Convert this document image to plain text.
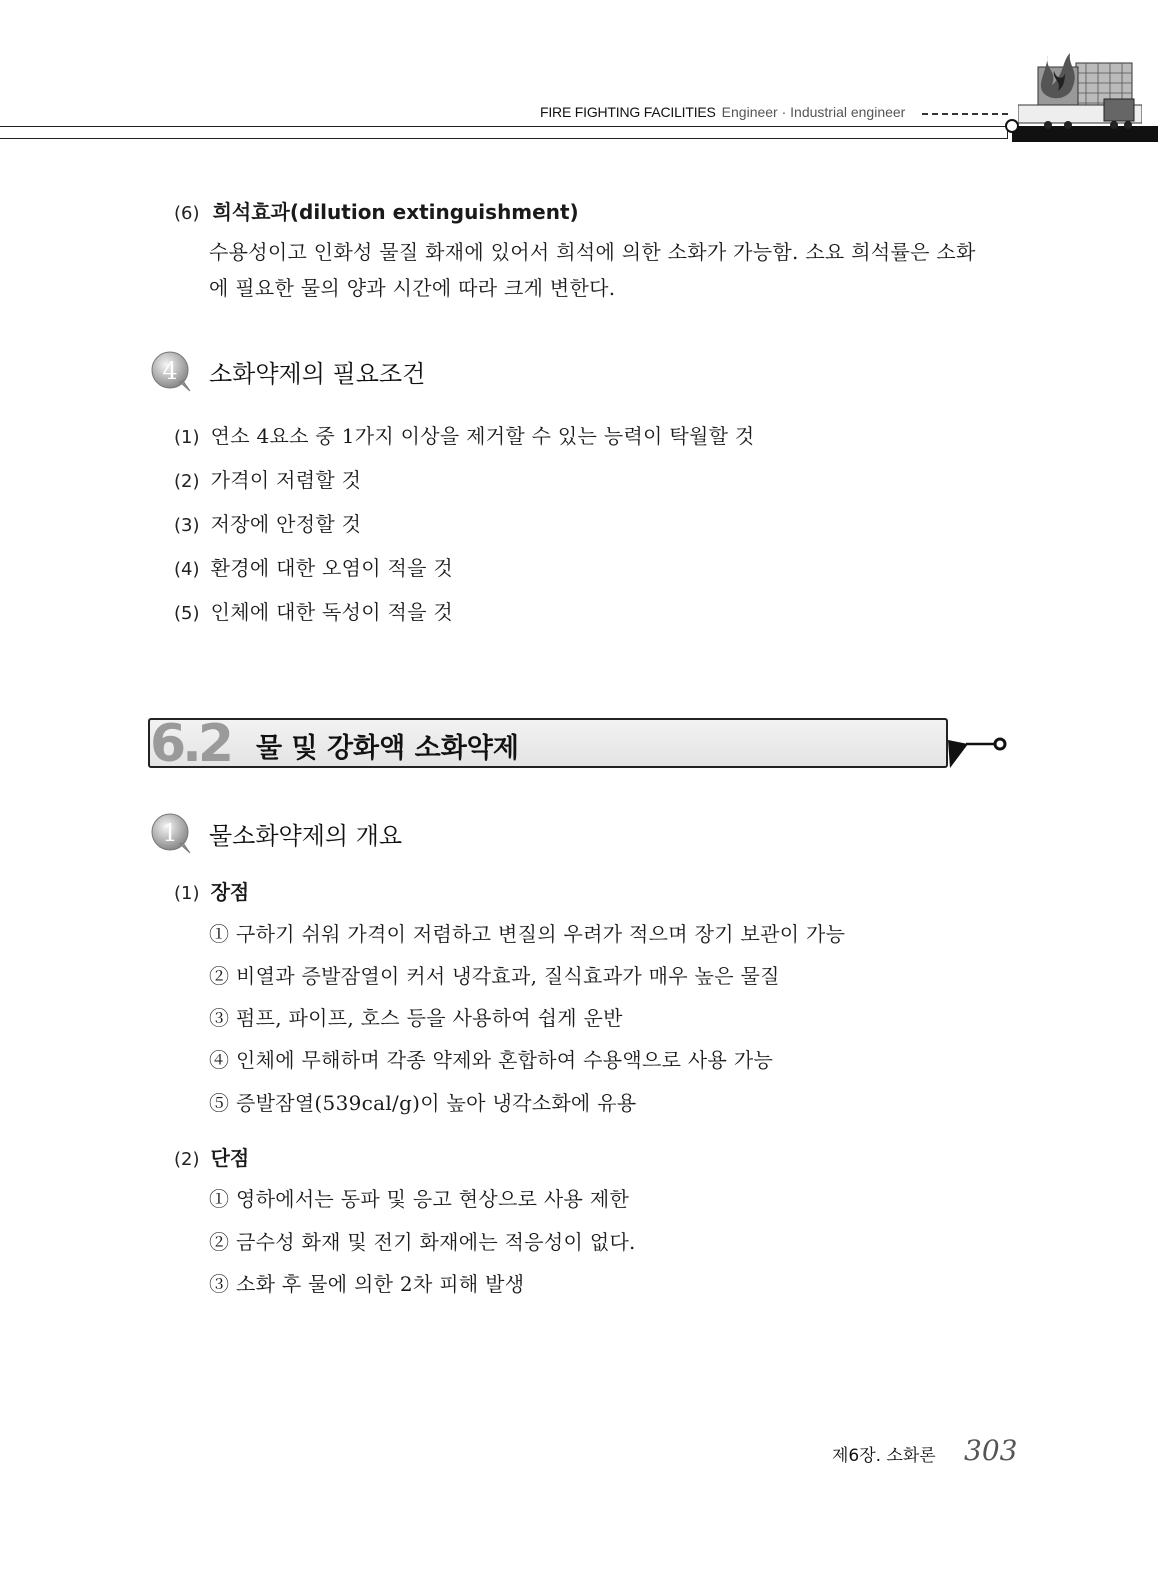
FIRE FIGHTING FACILITIES Engineer · Industrial engineer
(6) 희석효과(dilution extinguishment)
수용성이고 인화성 물질 화재에 있어서 희석에 의한 소화가 가능함. 소요 희석률은 소화
에 필요한 물의 양과 시간에 따라 크게 변한다.
4 소화약제의 필요조건
(1) 연소 4요소 중 1가지 이상을 제거할 수 있는 능력이 탁월할 것
(2) 가격이 저렴할 것
(3) 저장에 안정할 것
(4) 환경에 대한 오염이 적을 것
(5) 인체에 대한 독성이 적을 것
6.2 물 및 강화액 소화약제
1 물소화약제의 개요
(1) 장점
① 구하기 쉬워 가격이 저렴하고 변질의 우려가 적으며 장기 보관이 가능
② 비열과 증발잠열이 커서 냉각효과, 질식효과가 매우 높은 물질
③ 펌프, 파이프, 호스 등을 사용하여 쉽게 운반
④ 인체에 무해하며 각종 약제와 혼합하여 수용액으로 사용 가능
⑤ 증발잠열(539cal/g)이 높아 냉각소화에 유용
(2) 단점
① 영하에서는 동파 및 응고 현상으로 사용 제한
② 금수성 화재 및 전기 화재에는 적응성이 없다.
③ 소화 후 물에 의한 2차 피해 발생
제6장. 소화론 303
